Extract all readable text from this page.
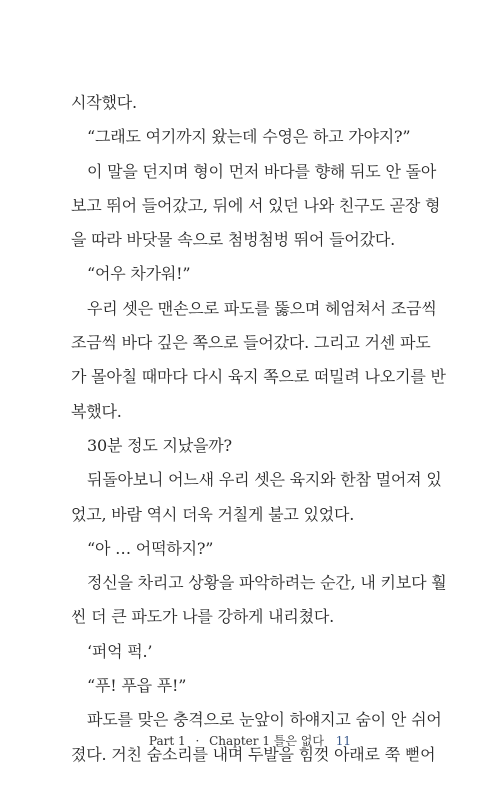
시작했다.
“그래도 여기까지 왔는데 수영은 하고 가야지?”
이 말을 던지며 형이 먼저 바다를 향해 뒤도 안 돌아
보고 뛰어 들어갔고, 뒤에 서 있던 나와 친구도 곧장 형
을 따라 바닷물 속으로 첨벙첨벙 뛰어 들어갔다.
“어우 차가워!”
우리 셋은 맨손으로 파도를 뚫으며 헤엄쳐서 조금씩
조금씩 바다 깊은 쪽으로 들어갔다. 그리고 거센 파도
가 몰아칠 때마다 다시 육지 쪽으로 떠밀려 나오기를 반
복했다.
30분 정도 지났을까?
뒤돌아보니 어느새 우리 셋은 육지와 한참 멀어져 있
었고, 바람 역시 더욱 거칠게 불고 있었다.
“아 … 어떡하지?”
정신을 차리고 상황을 파악하려는 순간, 내 키보다 훨
씬 더 큰 파도가 나를 강하게 내리쳤다.
‘퍼억 퍽.’
“푸! 푸읍 푸!”
파도를 맞은 충격으로 눈앞이 하얘지고 숨이 안 쉬어
졌다. 거친 숨소리를 내며 두발을 힘껏 아래로 쭉 뻗어
Part 1 · Chapter 1 틀은 없다 11
